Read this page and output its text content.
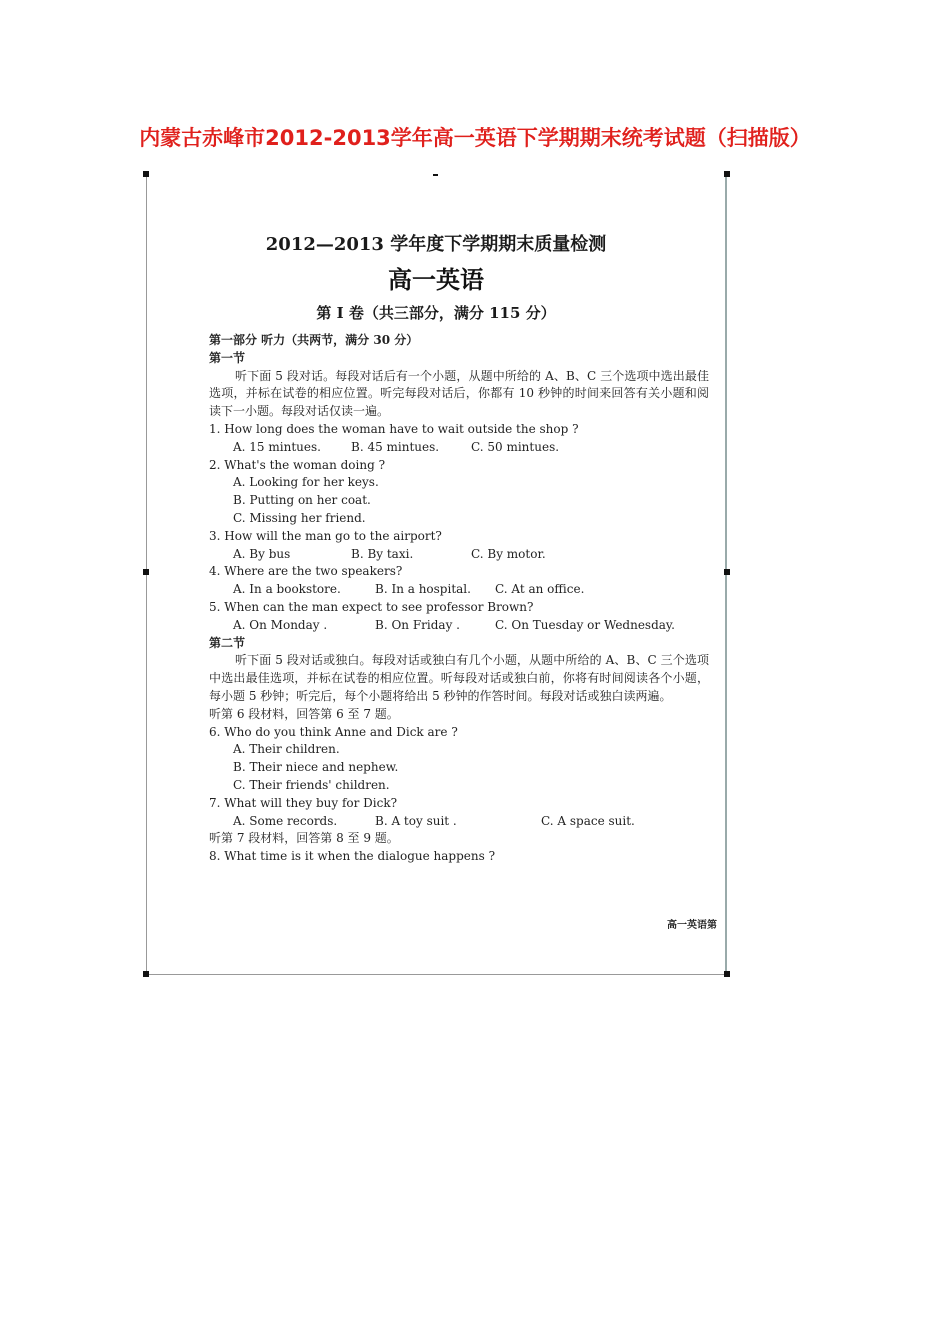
内蒙古赤峰市2012-2013学年高一英语下学期期末统考试题（扫描版）
2012—2013 学年度下学期期末质量检测
高一英语
第 I 卷（共三部分，满分 115 分）
第一部分 听力（共两节，满分 30 分）
第一节
听下面 5 段对话。每段对话后有一个小题，从题中所给的 A、B、C 三个选项中选出最佳选项，并标在试卷的相应位置。听完每段对话后，你都有 10 秒钟的时间来回答有关小题和阅读下一小题。每段对话仅读一遍。
1. How long does the woman have to wait outside the shop ?
A. 15 mintues.	B. 45 mintues.	C. 50 mintues.
2. What's the woman doing ?
A. Looking for her keys.
B. Putting on her coat.
C. Missing her friend.
3. How will the man go to the airport?
A. By bus	B. By taxi.	C. By motor.
4. Where are the two speakers?
A. In a bookstore.	B. In a hospital.	C. At an office.
5. When can the man expect to see professor Brown?
A. On Monday .	B. On Friday .	C. On Tuesday or Wednesday.
第二节
听下面 5 段对话或独白。每段对话或独白有几个小题，从题中所给的 A、B、C 三个选项中选出最佳选项，并标在试卷的相应位置。听每段对话或独白前，你将有时间阅读各个小题，每小题 5 秒钟；听完后，每个小题将给出 5 秒钟的作答时间。每段对话或独白读两遍。
听第 6 段材料，回答第 6 至 7 题。
6. Who do you think Anne and Dick are ?
A. Their children.
B. Their niece and nephew.
C. Their friends' children.
7. What will they buy for Dick?
A. Some records.	B. A toy suit .	C. A space suit.
听第 7 段材料，回答第 8 至 9 题。
8. What time is it when the dialogue happens ?
高一英语第
